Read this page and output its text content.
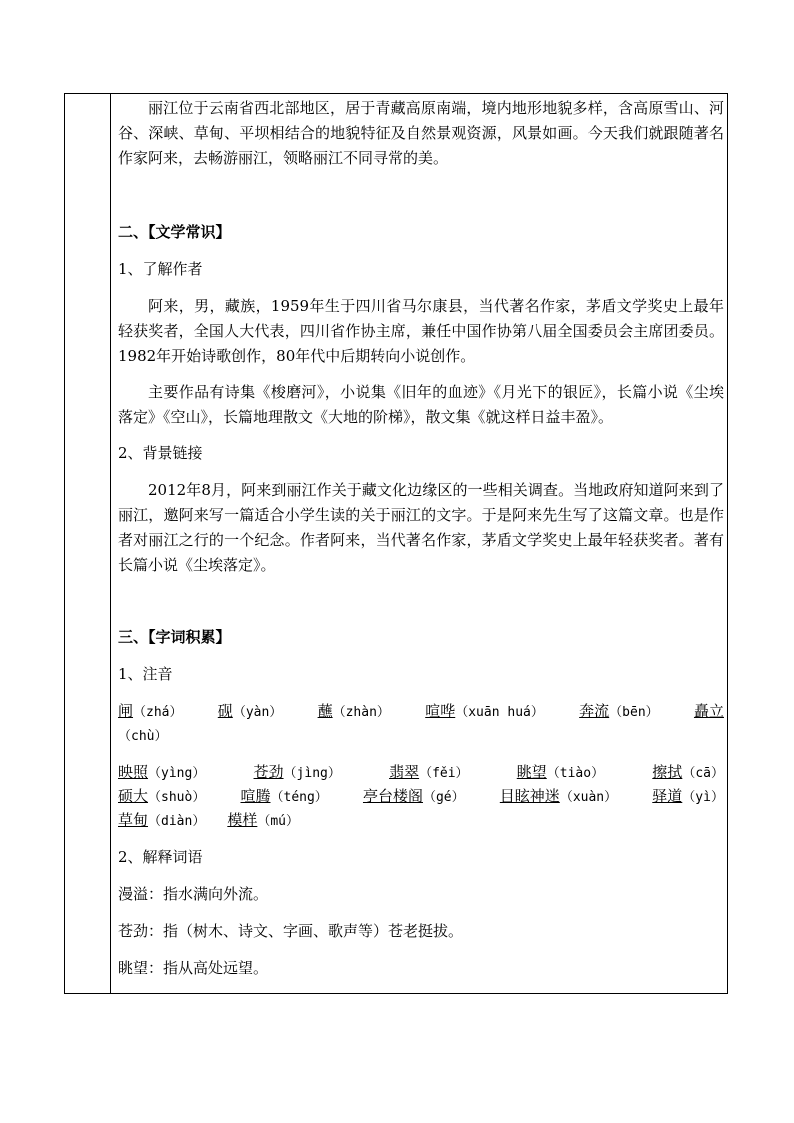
丽江位于云南省西北部地区，居于青藏高原南端，境内地形地貌多样，含高原雪山、河谷、深峡、草甸、平坝相结合的地貌特征及自然景观资源，风景如画。今天我们就跟随著名作家阿来，去畅游丽江，领略丽江不同寻常的美。
二、【文学常识】
1、了解作者
阿来，男，藏族，1959年生于四川省马尔康县，当代著名作家，茅盾文学奖史上最年轻获奖者，全国人大代表，四川省作协主席，兼任中国作协第八届全国委员会主席团委员。1982年开始诗歌创作，80年代中后期转向小说创作。
主要作品有诗集《梭磨河》，小说集《旧年的血迹》《月光下的银匠》，长篇小说《尘埃落定》《空山》，长篇地理散文《大地的阶梯》，散文集《就这样日益丰盈》。
2、背景链接
2012年8月，阿来到丽江作关于藏文化边缘区的一些相关调查。当地政府知道阿来到了丽江，邀阿来写一篇适合小学生读的关于丽江的文字。于是阿来先生写了这篇文章。也是作者对丽江之行的一个纪念。作者阿来，当代著名作家，茅盾文学奖史上最年轻获奖者。著有长篇小说《尘埃落定》。
三、【字词积累】
1、注音
闸（zhá） 砚（yàn） 蘸（zhàn） 喧哗（xuān huá） 奔流（bēn） 矗立
（chù）
映照（yìng）	苍劲（jìng）	翡翠（fěi）	眺望（tiào）	擦拭（cā）
硕大（shuò） 喧腾（téng） 亭台楼阁（gé） 目眩神迷（xuàn） 驿道（yì）
草甸（diàn） 模样（mú）
2、解释词语
漫溢：指水满向外流。
苍劲：指（树木、诗文、字画、歌声等）苍老挺拔。
眺望：指从高处远望。
